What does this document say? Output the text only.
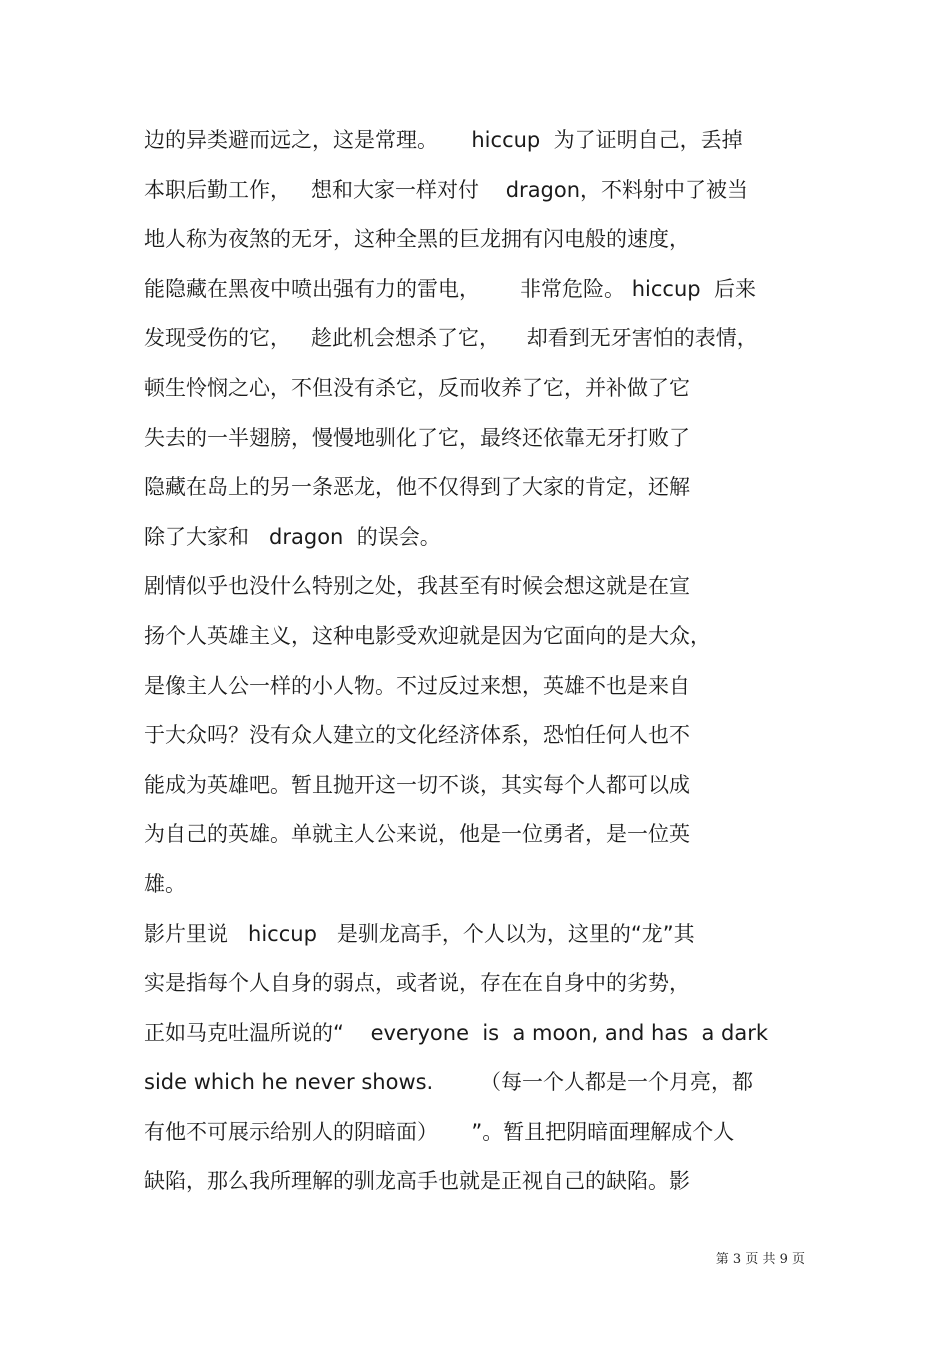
边的异类避而远之，这是常理。     hiccup  为了证明自己，丢掉
本职后勤工作，   想和大家一样对付    dragon，不料射中了被当
地人称为夜煞的无牙，这种全黑的巨龙拥有闪电般的速度，
能隐藏在黑夜中喷出强有力的雷电，      非常危险。 hiccup  后来
发现受伤的它，   趁此机会想杀了它，    却看到无牙害怕的表情，
顿生怜悯之心，不但没有杀它，反而收养了它，并补做了它
失去的一半翅膀，慢慢地驯化了它，最终还依靠无牙打败了
隐藏在岛上的另一条恶龙，他不仅得到了大家的肯定，还解
除了大家和   dragon  的误会。
剧情似乎也没什么特别之处，我甚至有时候会想这就是在宣
扬个人英雄主义，这种电影受欢迎就是因为它面向的是大众，
是像主人公一样的小人物。不过反过来想，英雄不也是来自
于大众吗？没有众人建立的文化经济体系，恐怕任何人也不
能成为英雄吧。暂且抛开这一切不谈，其实每个人都可以成
为自己的英雄。单就主人公来说，他是一位勇者，是一位英
雄。
影片里说   hiccup   是驯龙高手，个人以为，这里的“龙”其
实是指每个人自身的弱点，或者说，存在在自身中的劣势，
正如马克吐温所说的“    everyone  is  a moon, and has  a dark
side which he never shows.       （每一个人都是一个月亮，都
有他不可展示给别人的阴暗面）     ”。暂且把阴暗面理解成个人
缺陷，那么我所理解的驯龙高手也就是正视自己的缺陷。影
第 3 页 共 9 页
